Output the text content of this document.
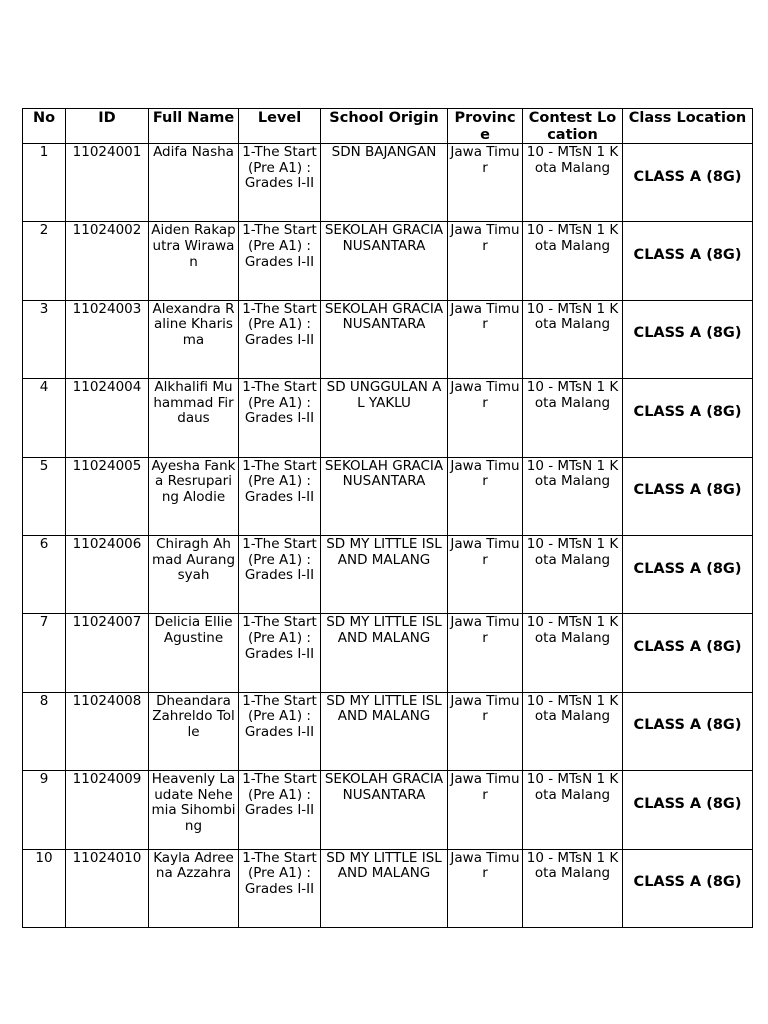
No	ID	Full Name	Level	School Origin	Province	Contest Location	Class Location
1	11024001	Adifa Nasha	1-The Start (Pre A1) : Grades I-II	SDN BAJANGAN	Jawa Timur	10 - MTsN 1 Kota Malang	CLASS A (8G)
2	11024002	Aiden Rakaputra Wirawan	1-The Start (Pre A1) : Grades I-II	SEKOLAH GRACIA NUSANTARA	Jawa Timur	10 - MTsN 1 Kota Malang	CLASS A (8G)
3	11024003	Alexandra Raline Kharisma	1-The Start (Pre A1) : Grades I-II	SEKOLAH GRACIA NUSANTARA	Jawa Timur	10 - MTsN 1 Kota Malang	CLASS A (8G)
4	11024004	Alkhalifi Muhammad Firdaus	1-The Start (Pre A1) : Grades I-II	SD UNGGULAN AL YAKLU	Jawa Timur	10 - MTsN 1 Kota Malang	CLASS A (8G)
5	11024005	Ayesha Fanka Resruparing Alodie	1-The Start (Pre A1) : Grades I-II	SEKOLAH GRACIA NUSANTARA	Jawa Timur	10 - MTsN 1 Kota Malang	CLASS A (8G)
6	11024006	Chiragh Ahmad Aurangsyah	1-The Start (Pre A1) : Grades I-II	SD MY LITTLE ISLAND MALANG	Jawa Timur	10 - MTsN 1 Kota Malang	CLASS A (8G)
7	11024007	Delicia Ellie Agustine	1-The Start (Pre A1) : Grades I-II	SD MY LITTLE ISLAND MALANG	Jawa Timur	10 - MTsN 1 Kota Malang	CLASS A (8G)
8	11024008	Dheandara Zahreldo Tolle	1-The Start (Pre A1) : Grades I-II	SD MY LITTLE ISLAND MALANG	Jawa Timur	10 - MTsN 1 Kota Malang	CLASS A (8G)
9	11024009	Heavenly Laudate Nehemia Sihombing	1-The Start (Pre A1) : Grades I-II	SEKOLAH GRACIA NUSANTARA	Jawa Timur	10 - MTsN 1 Kota Malang	CLASS A (8G)
10	11024010	Kayla Adreena Azzahra	1-The Start (Pre A1) : Grades I-II	SD MY LITTLE ISLAND MALANG	Jawa Timur	10 - MTsN 1 Kota Malang	CLASS A (8G)
